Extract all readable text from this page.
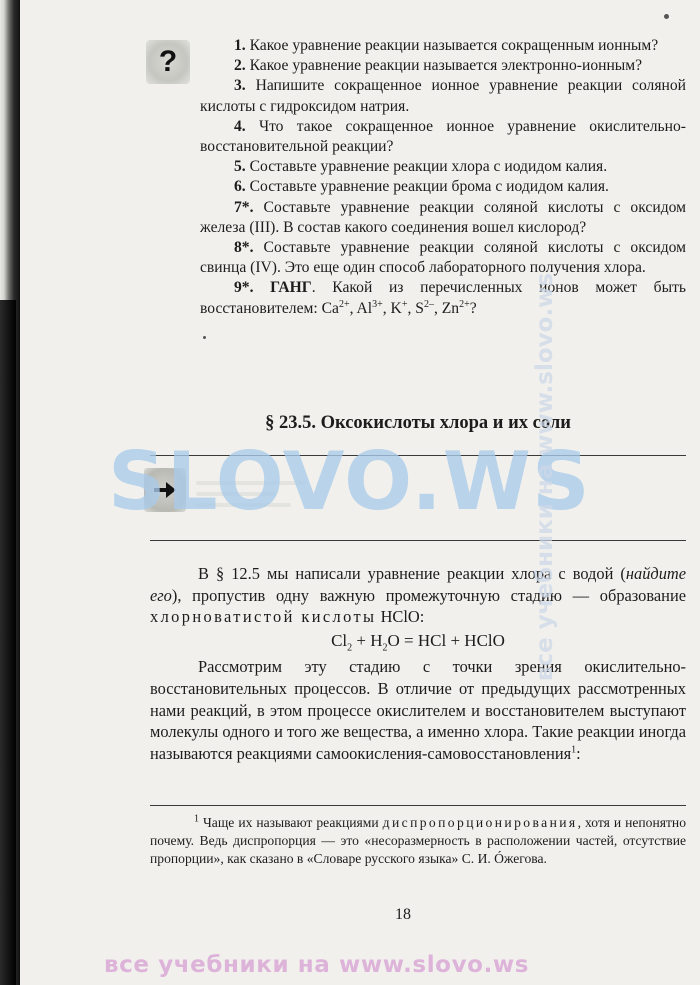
?	1. Какое уравнение реакции называется сокращенным ионным?

2. Какое уравнение реакции называется электронно-ионным?

3. Напишите сокращенное ионное уравнение реакции соляной кислоты с гидроксидом натрия.

4. Что такое сокращенное ионное уравнение окислительно-восстановительной реакции?

5. Составьте уравнение реакции хлора с иодидом калия.

6. Составьте уравнение реакции брома с иодидом калия.

7*. Составьте уравнение реакции соляной кислоты с оксидом железа (III). В состав какого соединения вошел кислород?

8*. Составьте уравнение реакции соляной кислоты с оксидом свинца (IV). Это еще один способ лабораторного получения хлора.

9*. ГАНГ. Какой из перечисленных ионов может быть восстановителем: $Ca^{2+}$, $Al^{3+}$, K+, $S^{2-}$, $Zn^{2+}$?

§ 23.5. Оксокислоты хлора и их соли

В § 12.5 мы написали уравнение реакции хлора с водой (найдите его), пропустив одну важную промежуточную стадию — образование хлорноватистой кислоты HClO:

$Cl_2 + H_2O$ = HCl + HClO

Рассмотрим эту стадию с точки зрения окислительно-восстановительных процессов. В отличие от предыдущих рассмотренных нами реакций, в этом процессе окислителем и восстановителем выступают молекулы одного и того же вещества, а именно хлора. Такие реакции иногда называются реакциями самоокисления-самовосстановления$^1$:

$^1$ Чаще их называют реакциями диспропорционирования, хотя и непонятно почему. Ведь диспропорция — это «несоразмерность в расположении частей, отсутствие пропорции», как сказано в «Словаре русского языка» С. И. Óжегова.
18
SLOVO.WS
все учебники на www.slovo.ws
все учебники на www.slovo.ws
